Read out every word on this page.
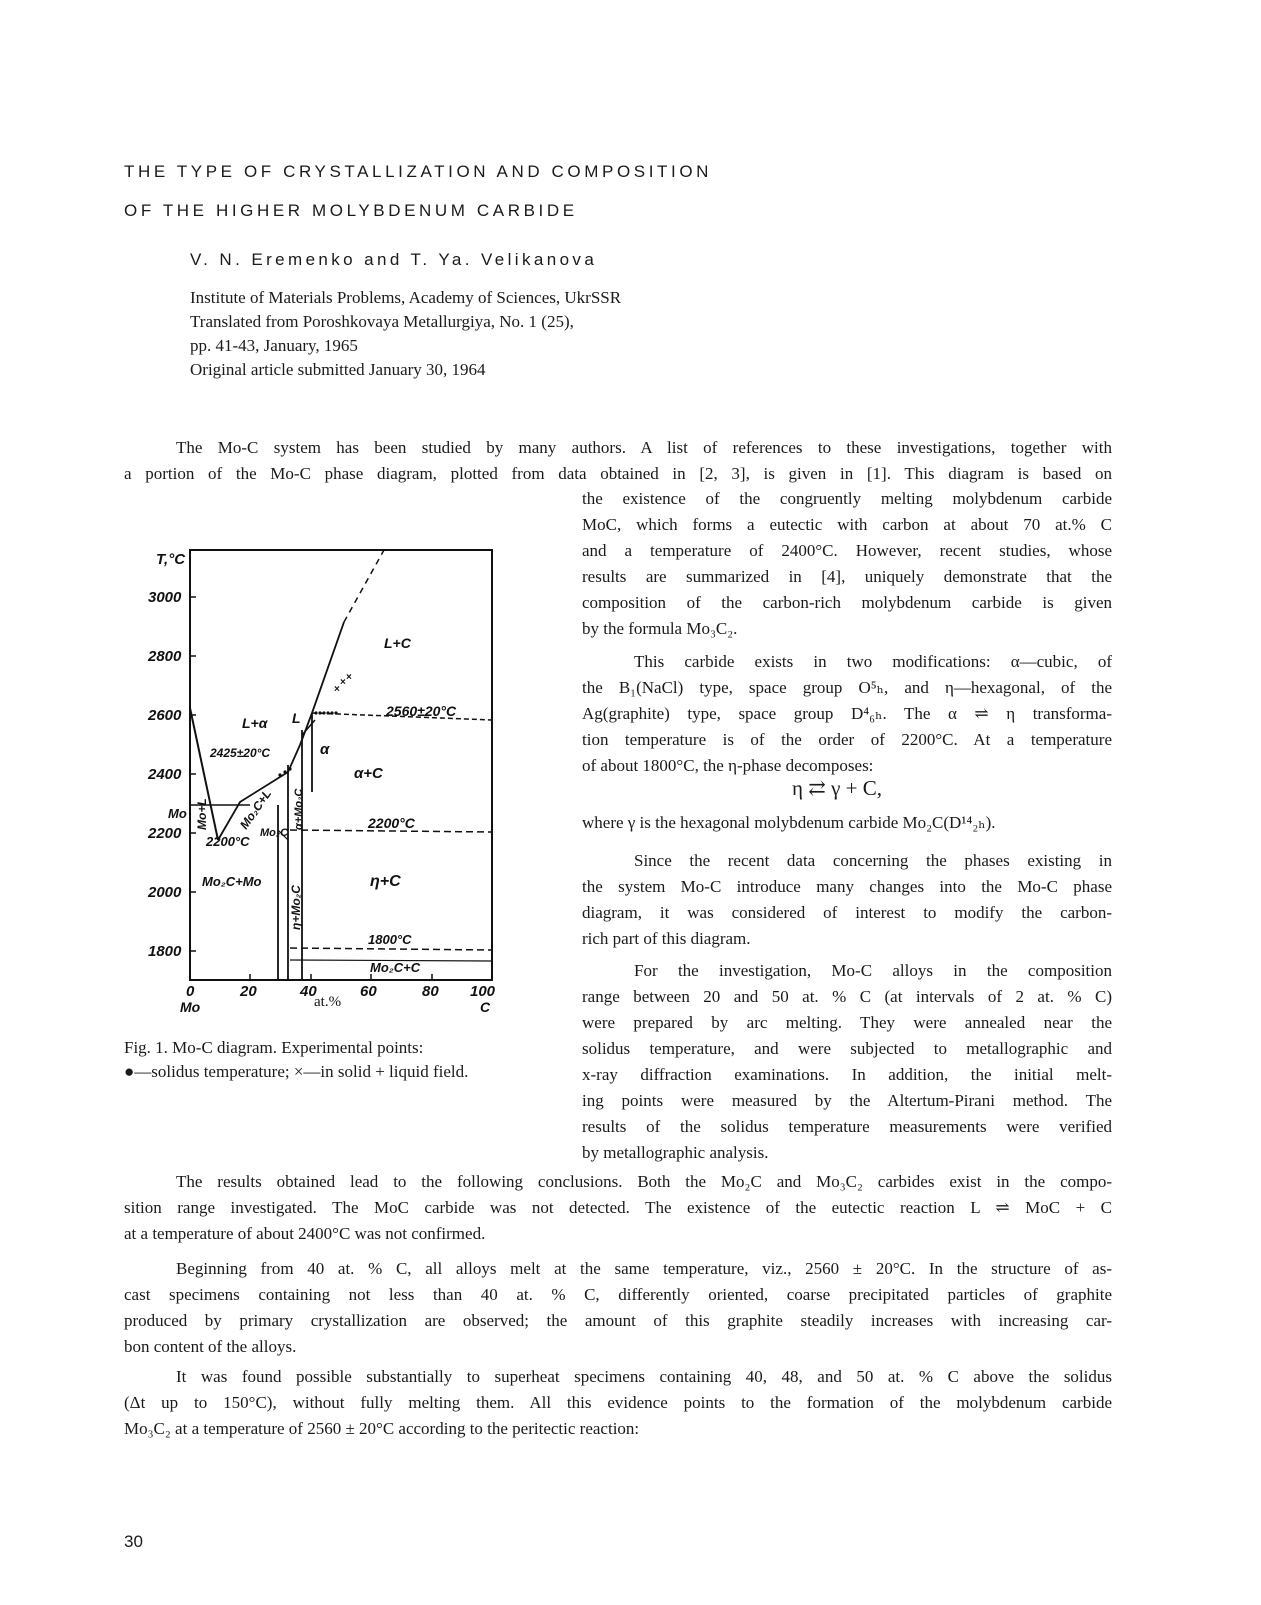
THE TYPE OF CRYSTALLIZATION AND COMPOSITION
OF THE HIGHER MOLYBDENUM CARBIDE
V. N. Eremenko and T. Ya. Velikanova
Institute of Materials Problems, Academy of Sciences, UkrSSR
Translated from Poroshkovaya Metallurgiya, No. 1 (25),
pp. 41-43, January, 1965
Original article submitted January 30, 1964
The Mo-C system has been studied by many authors. A list of references to these investigations, together with
a portion of the Mo-C phase diagram, plotted from data obtained in [2, 3], is given in [1]. This diagram is based on
the existence of the congruently melting molybdenum carbide
MoC, which forms a eutectic with carbon at about 70 at.% C
and a temperature of 2400°C. However, recent studies, whose
results are summarized in [4], uniquely demonstrate that the
composition of the carbon-rich molybdenum carbide is given
by the formula Mo₃C₂.
This carbide exists in two modifications: α—cubic, of
the B₁(NaCl) type, space group O⁵ₕ, and η—hexagonal, of the
Ag(graphite) type, space group D⁴₆ₕ. The α ⇌ η transforma-
tion temperature is of the order of 2200°C. At a temperature
of about 1800°C, the η-phase decomposes:
η ⇄ γ + C,
where γ is the hexagonal molybdenum carbide Mo₂C(D¹⁴₂ₕ).
Since the recent data concerning the phases existing in
the system Mo-C introduce many changes into the Mo-C phase
diagram, it was considered of interest to modify the carbon-
rich part of this diagram.
For the investigation, Mo-C alloys in the composition
range between 20 and 50 at. % C (at intervals of 2 at. % C)
were prepared by arc melting. They were annealed near the
solidus temperature, and were subjected to metallographic and
x-ray diffraction examinations. In addition, the initial melt-
ing points were measured by the Altertum-Pirani method. The
results of the solidus temperature measurements were verified
by metallographic analysis.
×
× ×
T,°C
3000
2800
2600
2400
Mo
2200
2000
1800
0	20	40	60	80 100
Mo	C
at.%
L+C
2560±20°C
L+α L
2425±20°C	α
α+C
Mo+L Mo₂C+L
Mo₂C
α+Mo₂C	2200°C
2200°C
Mo₂C+Mo	η+C
η+Mo₂C
1800°C
Mo₂C+C
Fig. 1. Mo-C diagram. Experimental points:
●—solidus temperature; ×—in solid + liquid field.
The results obtained lead to the following conclusions. Both the Mo₂C and Mo₃C₂ carbides exist in the compo-
sition range investigated. The MoC carbide was not detected. The existence of the eutectic reaction L ⇌ MoC + C
at a temperature of about 2400°C was not confirmed.
Beginning from 40 at. % C, all alloys melt at the same temperature, viz., 2560 ± 20°C. In the structure of as-
cast specimens containing not less than 40 at. % C, differently oriented, coarse precipitated particles of graphite
produced by primary crystallization are observed; the amount of this graphite steadily increases with increasing car-
bon content of the alloys.
It was found possible substantially to superheat specimens containing 40, 48, and 50 at. % C above the solidus
(Δt up to 150°C), without fully melting them. All this evidence points to the formation of the molybdenum carbide
Mo₃C₂ at a temperature of 2560 ± 20°C according to the peritectic reaction:
30
